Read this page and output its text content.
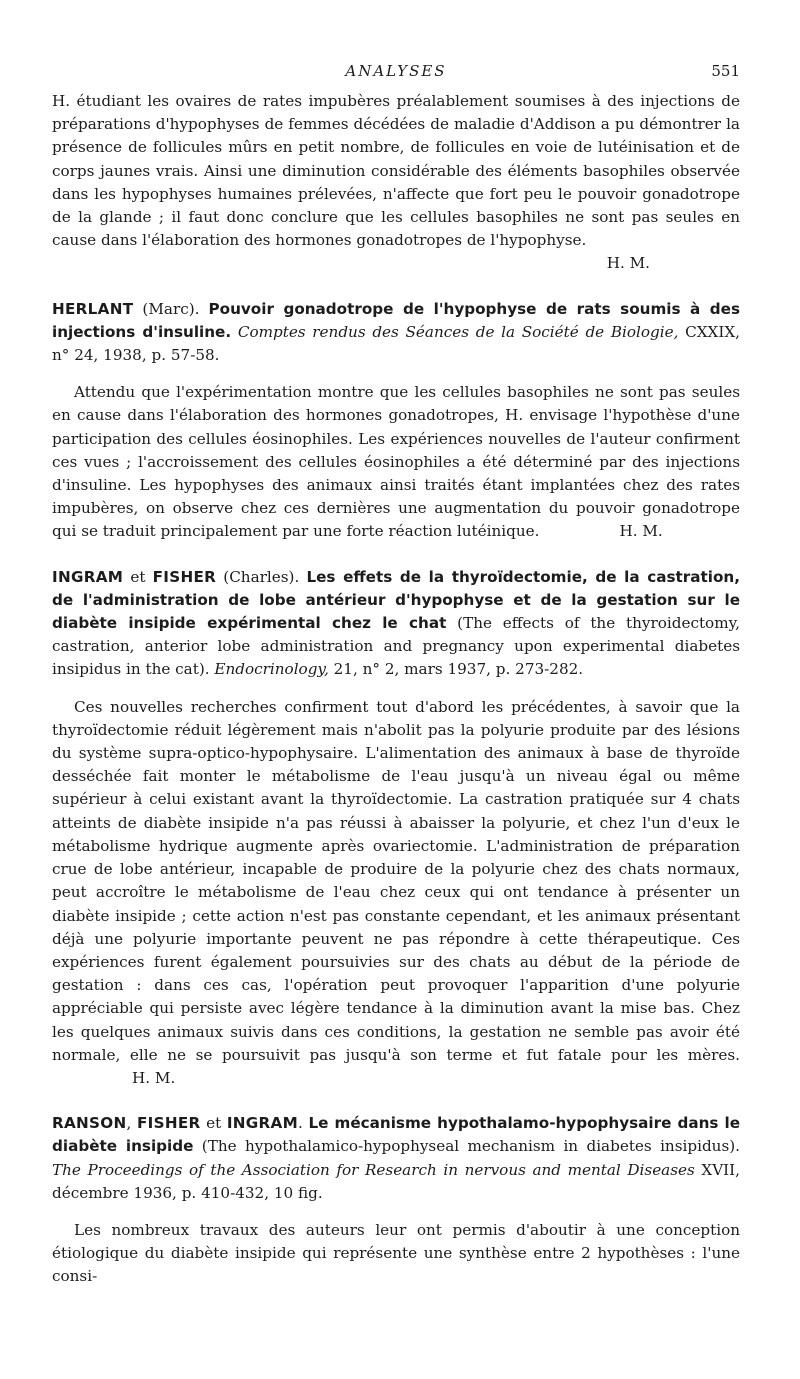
ANALYSES	551

H. étudiant les ovaires de rates impubères préalablement soumises à des injections de préparations d'hypophyses de femmes décédées de maladie d'Addison a pu démontrer la présence de follicules mûrs en petit nombre, de follicules en voie de lutéinisation et de corps jaunes vrais. Ainsi une diminution considérable des éléments basophiles observée dans les hypophyses humaines prélevées, n'affecte que fort peu le pouvoir gonadotrope de la glande ; il faut donc conclure que les cellules basophiles ne sont pas seules en cause dans l'élaboration des hormones gonadotropes de l'hypophyse.

H. M.
HERLANT (Marc). Pouvoir gonadotrope de l'hypophyse de rats soumis à des injections d'insuline. Comptes rendus des Séances de la Société de Biologie, CXXIX, n° 24, 1938, p. 57-58.

Attendu que l'expérimentation montre que les cellules basophiles ne sont pas seules en cause dans l'élaboration des hormones gonadotropes, H. envisage l'hypothèse d'une participation des cellules éosinophiles. Les expériences nouvelles de l'auteur confirment ces vues ; l'accroissement des cellules éosinophiles a été déterminé par des injections d'insuline. Les hypophyses des animaux ainsi traités étant implantées chez des rates impubères, on observe chez ces dernières une augmentation du pouvoir gonadotrope qui se traduit principalement par une forte réaction lutéinique.	H. M.

INGRAM et FISHER (Charles). Les effets de la thyroïdectomie, de la castration, de l'administration de lobe antérieur d'hypophyse et de la gestation sur le diabète insipide expérimental chez le chat (The effects of the thyroidectomy, castration, anterior lobe administration and pregnancy upon experimental diabetes insipidus in the cat). Endocrinology, 21, n° 2, mars 1937, p. 273-282.

Ces nouvelles recherches confirment tout d'abord les précédentes, à savoir que la thyroïdectomie réduit légèrement mais n'abolit pas la polyurie produite par des lésions du système supra-optico-hypophysaire. L'alimentation des animaux à base de thyroïde desséchée fait monter le métabolisme de l'eau jusqu'à un niveau égal ou même supérieur à celui existant avant la thyroïdectomie. La castration pratiquée sur 4 chats atteints de diabète insipide n'a pas réussi à abaisser la polyurie, et chez l'un d'eux le métabolisme hydrique augmente après ovariectomie. L'administration de préparation crue de lobe antérieur, incapable de produire de la polyurie chez des chats normaux, peut accroître le métabolisme de l'eau chez ceux qui ont tendance à présenter un diabète insipide ; cette action n'est pas constante cependant, et les animaux présentant déjà une polyurie importante peuvent ne pas répondre à cette thérapeutique. Ces expériences furent également poursuivies sur des chats au début de la période de gestation : dans ces cas, l'opération peut provoquer l'apparition d'une polyurie appréciable qui persiste avec légère tendance à la diminution avant la mise bas. Chez les quelques animaux suivis dans ces conditions, la gestation ne semble pas avoir été normale, elle ne se poursuivit pas jusqu'à son terme et fut fatale pour les mères.H. M.

RANSON, FISHER et INGRAM. Le mécanisme hypothalamo-hypophysaire dans le diabète insipide (The hypothalamico-hypophyseal mechanism in diabetes insipidus). The Proceedings of the Association for Research in nervous and mental Diseases XVII, décembre 1936, p. 410-432, 10 fig.

Les nombreux travaux des auteurs leur ont permis d'aboutir à une conception étiologique du diabète insipide qui représente une synthèse entre 2 hypothèses : l'une consi-
